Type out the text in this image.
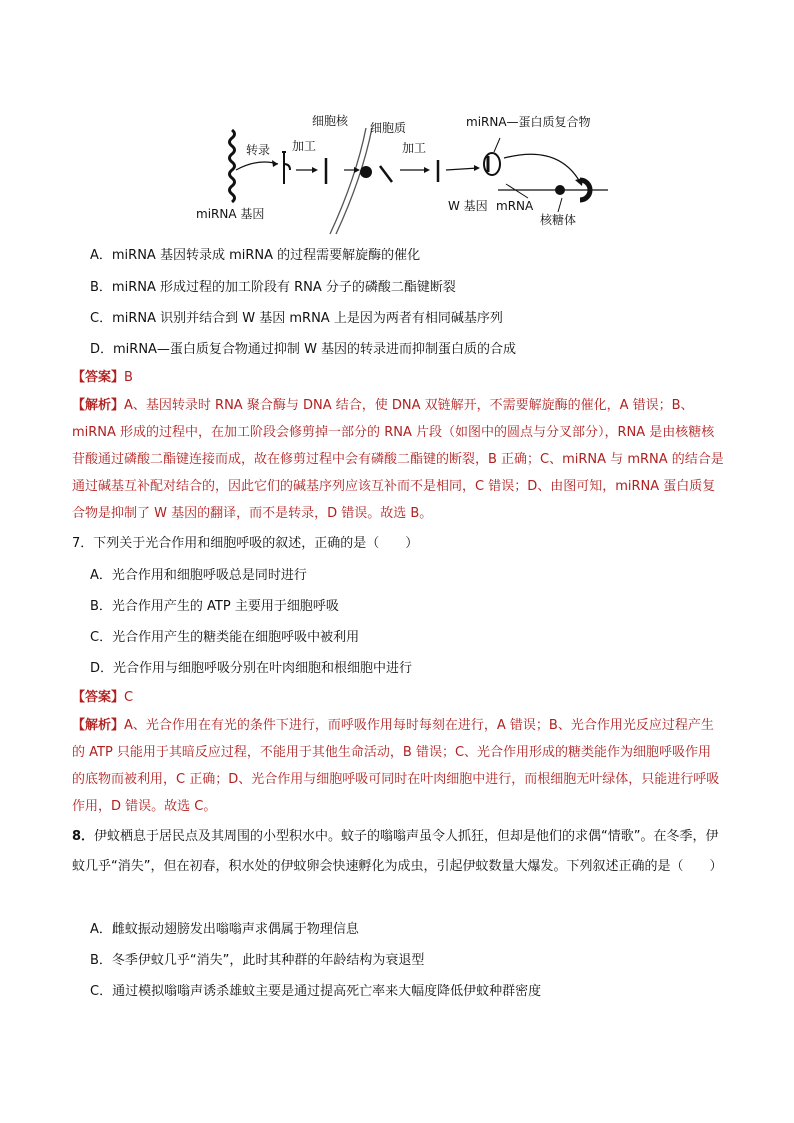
转录 加工
细胞核 细胞质
加工
miRNA—蛋白质复合物
W 基因 mRNA
核糖体
miRNA 基因
A．miRNA 基因转录成 miRNA 的过程需要解旋酶的催化
B．miRNA 形成过程的加工阶段有 RNA 分子的磷酸二酯键断裂
C．miRNA 识别并结合到 W 基因 mRNA 上是因为两者有相同碱基序列
D．miRNA—蛋白质复合物通过抑制 W 基因的转录进而抑制蛋白质的合成
【答案】B
【解析】A、基因转录时 RNA 聚合酶与 DNA 结合，使 DNA 双链解开，不需要解旋酶的催化，A 错误；B、miRNA 形成的过程中，在加工阶段会修剪掉一部分的 RNA 片段（如图中的圆点与分叉部分），RNA 是由核糖核苷酸通过磷酸二酯键连接而成，故在修剪过程中会有磷酸二酯键的断裂，B 正确；C、miRNA 与 mRNA 的结合是通过碱基互补配对结合的，因此它们的碱基序列应该互补而不是相同，C 错误；D、由图可知，miRNA 蛋白质复合物是抑制了 W 基因的翻译，而不是转录，D 错误。故选 B。
7．下列关于光合作用和细胞呼吸的叙述，正确的是（　　）
A．光合作用和细胞呼吸总是同时进行
B．光合作用产生的 ATP 主要用于细胞呼吸
C．光合作用产生的糖类能在细胞呼吸中被利用
D．光合作用与细胞呼吸分别在叶肉细胞和根细胞中进行
【答案】C
【解析】A、光合作用在有光的条件下进行，而呼吸作用每时每刻在进行，A 错误；B、光合作用光反应过程产生的 ATP 只能用于其暗反应过程，不能用于其他生命活动，B 错误；C、光合作用形成的糖类能作为细胞呼吸作用的底物而被利用，C 正确；D、光合作用与细胞呼吸可同时在叶肉细胞中进行，而根细胞无叶绿体，只能进行呼吸作用，D 错误。故选 C。
8．伊蚊栖息于居民点及其周围的小型积水中。蚊子的嗡嗡声虽令人抓狂，但却是他们的求偶“情歌”。在冬季，伊蚊几乎“消失”，但在初春，积水处的伊蚊卵会快速孵化为成虫，引起伊蚊数量大爆发。下列叙述正确的是（　　）
A．雌蚊振动翅膀发出嗡嗡声求偶属于物理信息
B．冬季伊蚊几乎“消失”，此时其种群的年龄结构为衰退型
C．通过模拟嗡嗡声诱杀雄蚊主要是通过提高死亡率来大幅度降低伊蚊种群密度
